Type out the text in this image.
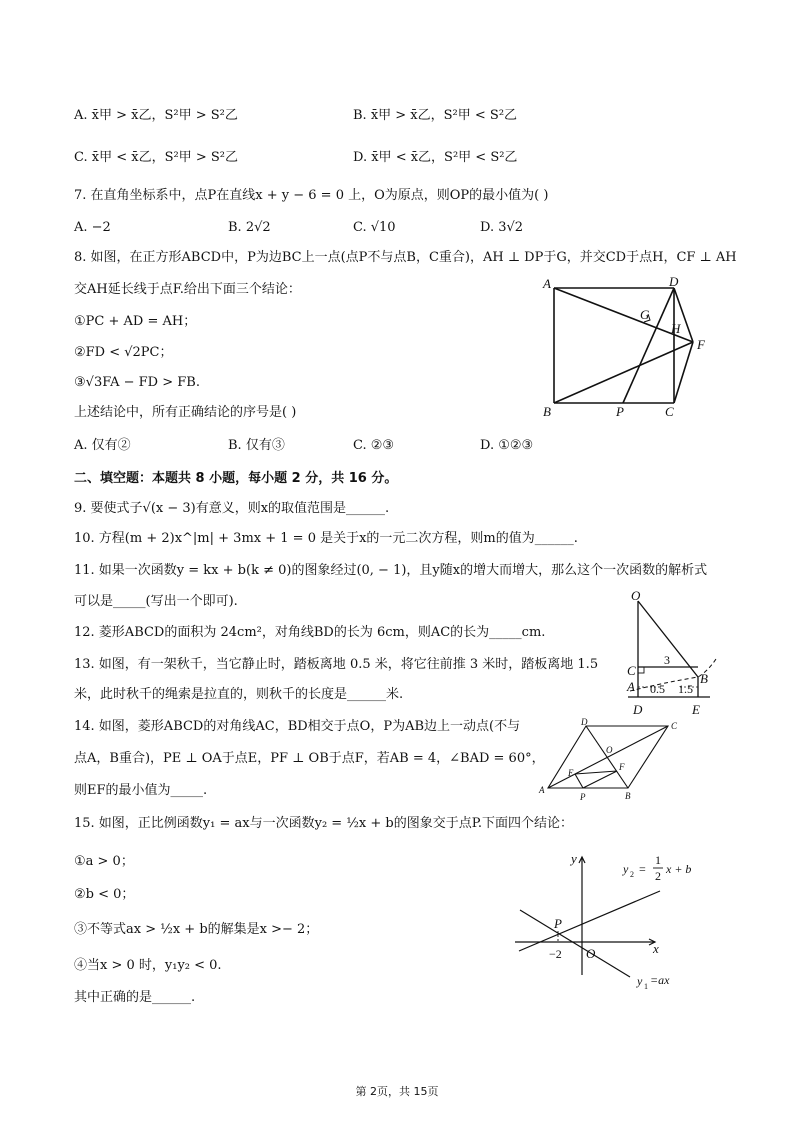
A. x̄甲 > x̄乙，S²甲 > S²乙	B. x̄甲 > x̄乙，S²甲 < S²乙
C. x̄甲 < x̄乙，S²甲 > S²乙	D. x̄甲 < x̄乙，S²甲 < S²乙
7. 在直角坐标系中，点P在直线x + y − 6 = 0 上，O为原点，则OP的最小值为( )
A. −2	B. 2√2	C. √10	D. 3√2
8. 如图，在正方形ABCD中，P为边BC上一点(点P不与点B，C重合)，AH ⊥ DP于G，并交CD于点H，CF ⊥ AH
交AH延长线于点F.给出下面三个结论：
①PC + AD = AH；
②FD < √2PC；
③√3FA − FD > FB.
上述结论中，所有正确结论的序号是( )
A. 仅有②	B. 仅有③	C. ②③	D. ①②③
A
B	C
D
P
G
H
F
二、填空题：本题共 8 小题，每小题 2 分，共 16 分。
9. 要使式子√(x − 3)有意义，则x的取值范围是______.
10. 方程(m + 2)x^|m| + 3mx + 1 = 0 是关于x的一元二次方程，则m的值为______.
11. 如果一次函数y = kx + b(k ≠ 0)的图象经过(0, − 1)，且y随x的增大而增大，那么这个一次函数的解析式
可以是_____(写出一个即可).
12. 菱形ABCD的面积为 24cm²，对角线BD的长为 6cm，则AC的长为_____cm.
13. 如图，有一架秋千，当它静止时，踏板离地 0.5 米，将它往前推 3 米时，踏板离地 1.5
米，此时秋千的绳索是拉直的，则秋千的长度是______米.
O
C
A
B
D	E
3
0.5 1.5
14. 如图，菱形ABCD的对角线AC，BD相交于点O，P为AB边上一动点(不与
点A，B重合)，PE ⊥ OA于点E，PF ⊥ OB于点F，若AB = 4，∠BAD = 60°，
则EF的最小值为_____.	A
B
C
D
O
E
F
P
15. 如图，正比例函数y₁ = ax与一次函数y₂ = ½x + b的图象交于点P.下面四个结论：
①a > 0；
②b < 0；
③不等式ax > ½x + b的解集是x >− 2；
④当x > 0 时，y₁y₂ < 0.
其中正确的是______.
y
x
O
P
−2
y 2 =
1
2 x + b
y 1 =ax
第 2页，共 15页
